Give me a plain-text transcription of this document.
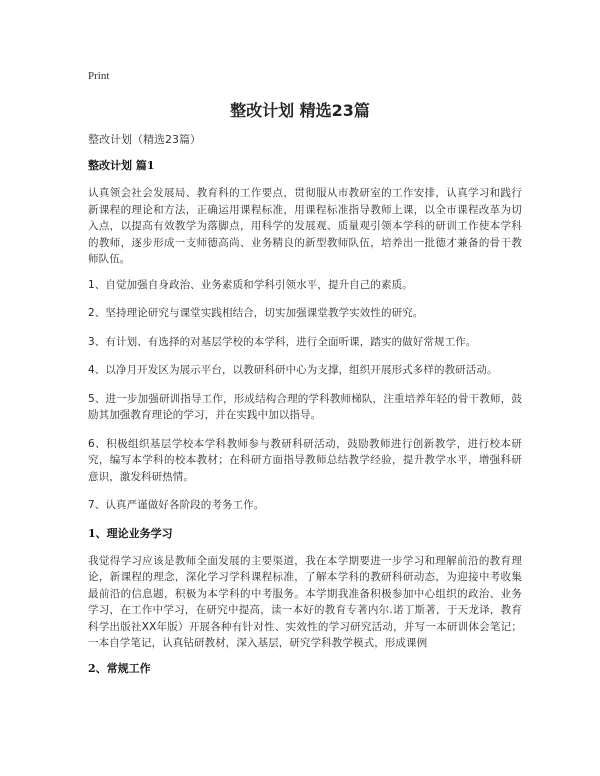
Print
整改计划 精选23篇
整改计划（精选23篇）
整改计划 篇1

认真领会社会发展局、教育科的工作要点，贯彻服从市教研室的工作安排，认真学习和践行新课程的理论和方法，正确运用课程标准，用课程标准指导教师上课，以全市课程改革为切入点，以提高有效教学为落脚点，用科学的发展观、质量观引领本学科的研训工作使本学科的教师，逐步形成一支师德高尚、业务精良的新型教师队伍，培养出一批德才兼备的骨干教师队伍。

1、自觉加强自身政治、业务素质和学科引领水平，提升自己的素质。

2、坚持理论研究与课堂实践相结合，切实加强课堂教学实效性的研究。

3、有计划、有选择的对基层学校的本学科，进行全面听课，踏实的做好常规工作。

4、以净月开发区为展示平台，以教研科研中心为支撑，组织开展形式多样的教研活动。

5、进一步加强研训指导工作，形成结构合理的学科教师梯队，注重培养年轻的骨干教师，鼓励其加强教育理论的学习，并在实践中加以指导。

6、积极组织基层学校本学科教师参与教研科研活动，鼓励教师进行创新教学，进行校本研究，编写本学科的校本教材；在科研方面指导教师总结教学经验，提升教学水平，增强科研意识，激发科研热情。

7、认真严谨做好各阶段的考务工作。

1、理论业务学习

我觉得学习应该是教师全面发展的主要渠道，我在本学期要进一步学习和理解前沿的教育理论，新课程的理念，深化学习学科课程标准，了解本学科的教研科研动态，为迎接中考收集最前沿的信息题，积极为本学科的中考服务。本学期我准备积极参加中心组织的政治、业务学习，在工作中学习，在研究中提高，读一本好的教育专著内尔.诺丁斯著，于天龙译，教育科学出版社XX年版）开展各种有针对性、实效性的学习研究活动，并写一本研训体会笔记；一本自学笔记，认真钻研教材，深入基层，研究学科教学模式，形成课例

2、常规工作
